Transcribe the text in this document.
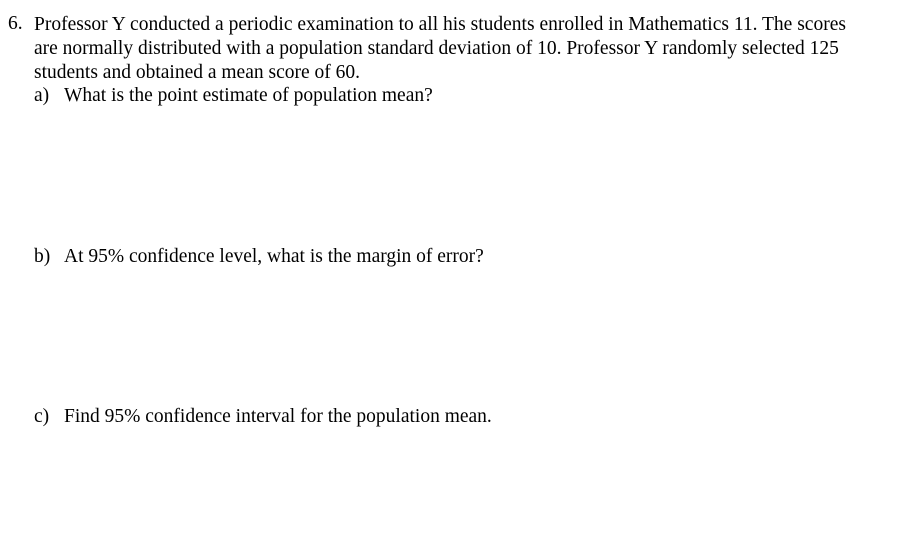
6. Professor Y conducted a periodic examination to all his students enrolled in Mathematics 11. The scores
are normally distributed with a population standard deviation of 10. Professor Y randomly selected 125
students and obtained a mean score of 60.
a) What is the point estimate of population mean?
b) At 95% confidence level, what is the margin of error?
c) Find 95% confidence interval for the population mean.
